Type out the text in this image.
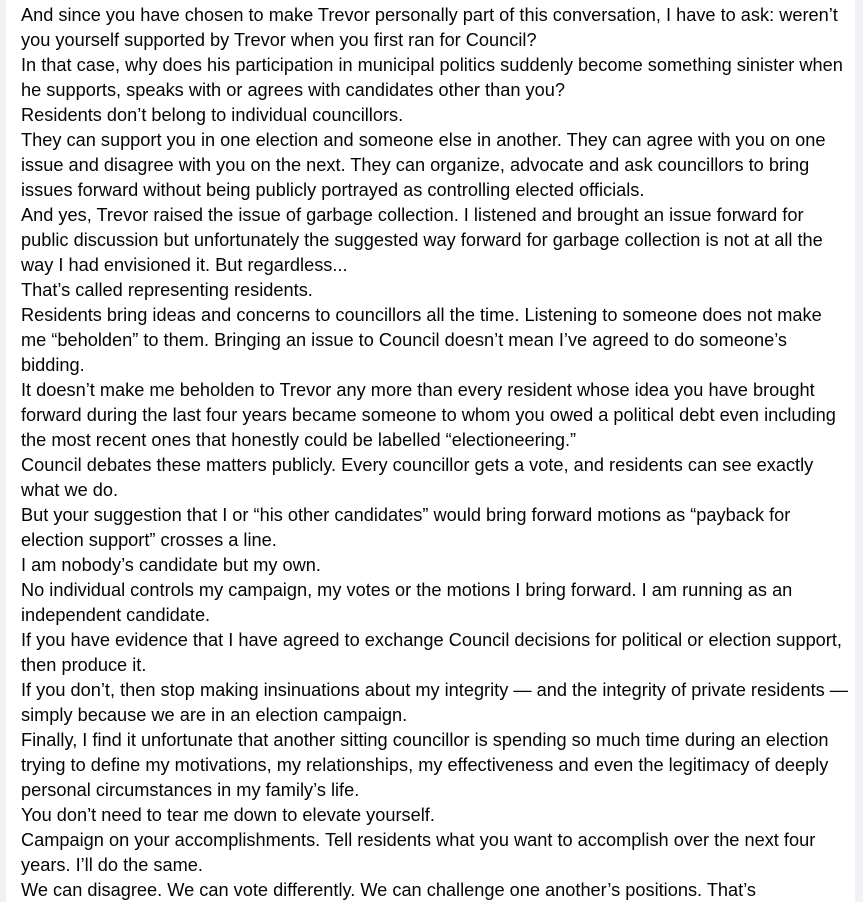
And since you have chosen to make Trevor personally part of this conversation, I have to ask: weren’t you yourself supported by Trevor when you first ran for Council?

In that case, why does his participation in municipal politics suddenly become something sinister when he supports, speaks with or agrees with candidates other than you?

Residents don’t belong to individual councillors.

They can support you in one election and someone else in another. They can agree with you on one issue and disagree with you on the next. They can organize, advocate and ask councillors to bring issues forward without being publicly portrayed as controlling elected officials.

And yes, Trevor raised the issue of garbage collection. I listened and brought an issue forward for public discussion but unfortunately the suggested way forward for garbage collection is not at all the way I had envisioned it. But regardless...

That’s called representing residents.

Residents bring ideas and concerns to councillors all the time. Listening to someone does not make me “beholden” to them. Bringing an issue to Council doesn’t mean I’ve agreed to do someone’s bidding.

It doesn’t make me beholden to Trevor any more than every resident whose idea you have brought forward during the last four years became someone to whom you owed a political debt even including the most recent ones that honestly could be labelled “electioneering.”

Council debates these matters publicly. Every councillor gets a vote, and residents can see exactly what we do.

But your suggestion that I or “his other candidates” would bring forward motions as “payback for election support” crosses a line.

I am nobody’s candidate but my own.

No individual controls my campaign, my votes or the motions I bring forward. I am running as an independent candidate.

If you have evidence that I have agreed to exchange Council decisions for political or election support, then produce it.

If you don’t, then stop making insinuations about my integrity — and the integrity of private residents — simply because we are in an election campaign.

Finally, I find it unfortunate that another sitting councillor is spending so much time during an election trying to define my motivations, my relationships, my effectiveness and even the legitimacy of deeply personal circumstances in my family’s life.

You don’t need to tear me down to elevate yourself.

Campaign on your accomplishments. Tell residents what you want to accomplish over the next four years. I’ll do the same.

We can disagree. We can vote differently. We can challenge one another’s positions. That’s
